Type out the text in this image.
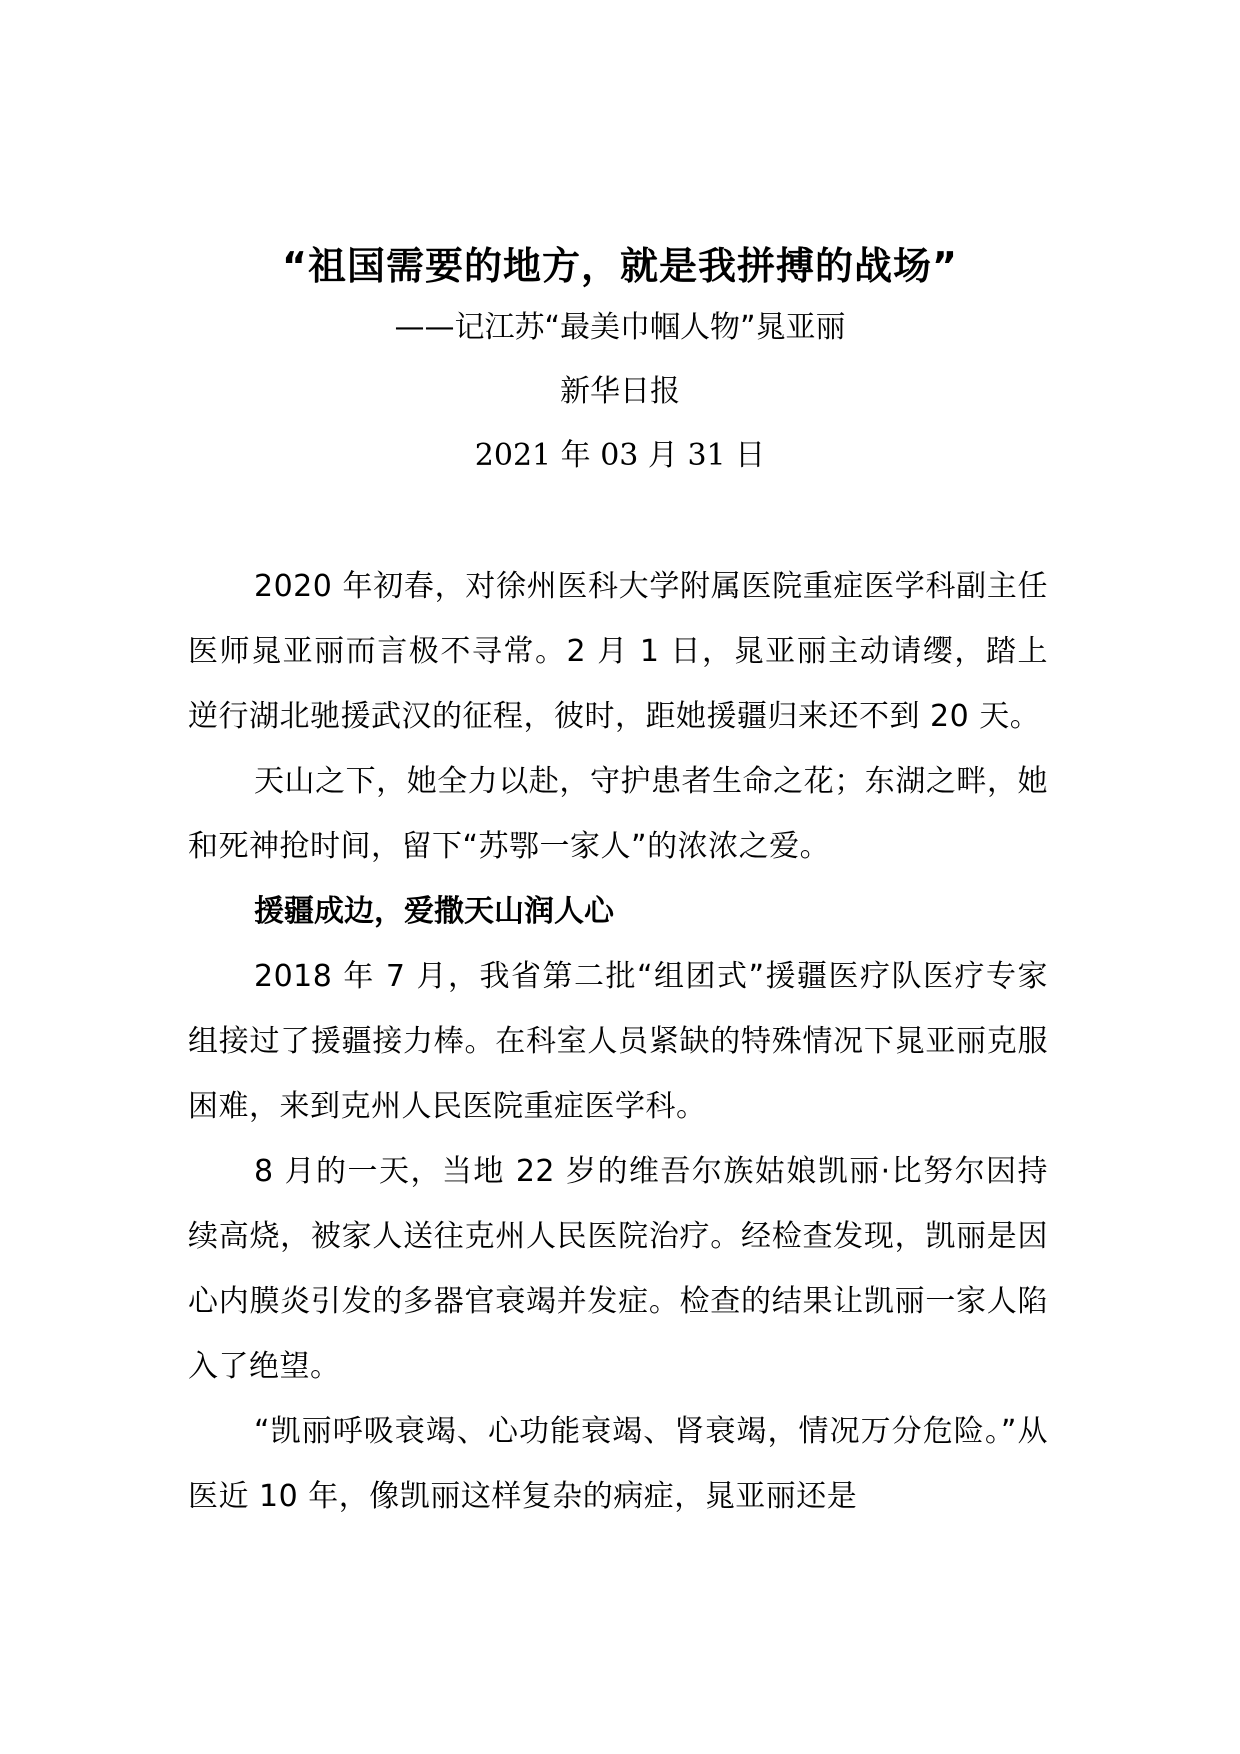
“祖国需要的地方，就是我拼搏的战场”
——记江苏“最美巾帼人物”晁亚丽
新华日报
2021 年 03 月 31 日

2020 年初春，对徐州医科大学附属医院重症医学科副主任医师晁亚丽而言极不寻常。2 月 1 日，晁亚丽主动请缨，踏上逆行湖北驰援武汉的征程，彼时，距她援疆归来还不到 20 天。

天山之下，她全力以赴，守护患者生命之花；东湖之畔，她和死神抢时间，留下“苏鄂一家人”的浓浓之爱。

援疆成边，爱撒天山润人心

2018 年 7 月，我省第二批“组团式”援疆医疗队医疗专家组接过了援疆接力棒。在科室人员紧缺的特殊情况下晁亚丽克服困难，来到克州人民医院重症医学科。

8 月的一天，当地 22 岁的维吾尔族姑娘凯丽·比努尔因持续高烧，被家人送往克州人民医院治疗。经检查发现，凯丽是因心内膜炎引发的多器官衰竭并发症。检查的结果让凯丽一家人陷入了绝望。

“凯丽呼吸衰竭、心功能衰竭、肾衰竭，情况万分危险。”从医近 10 年，像凯丽这样复杂的病症，晁亚丽还是
